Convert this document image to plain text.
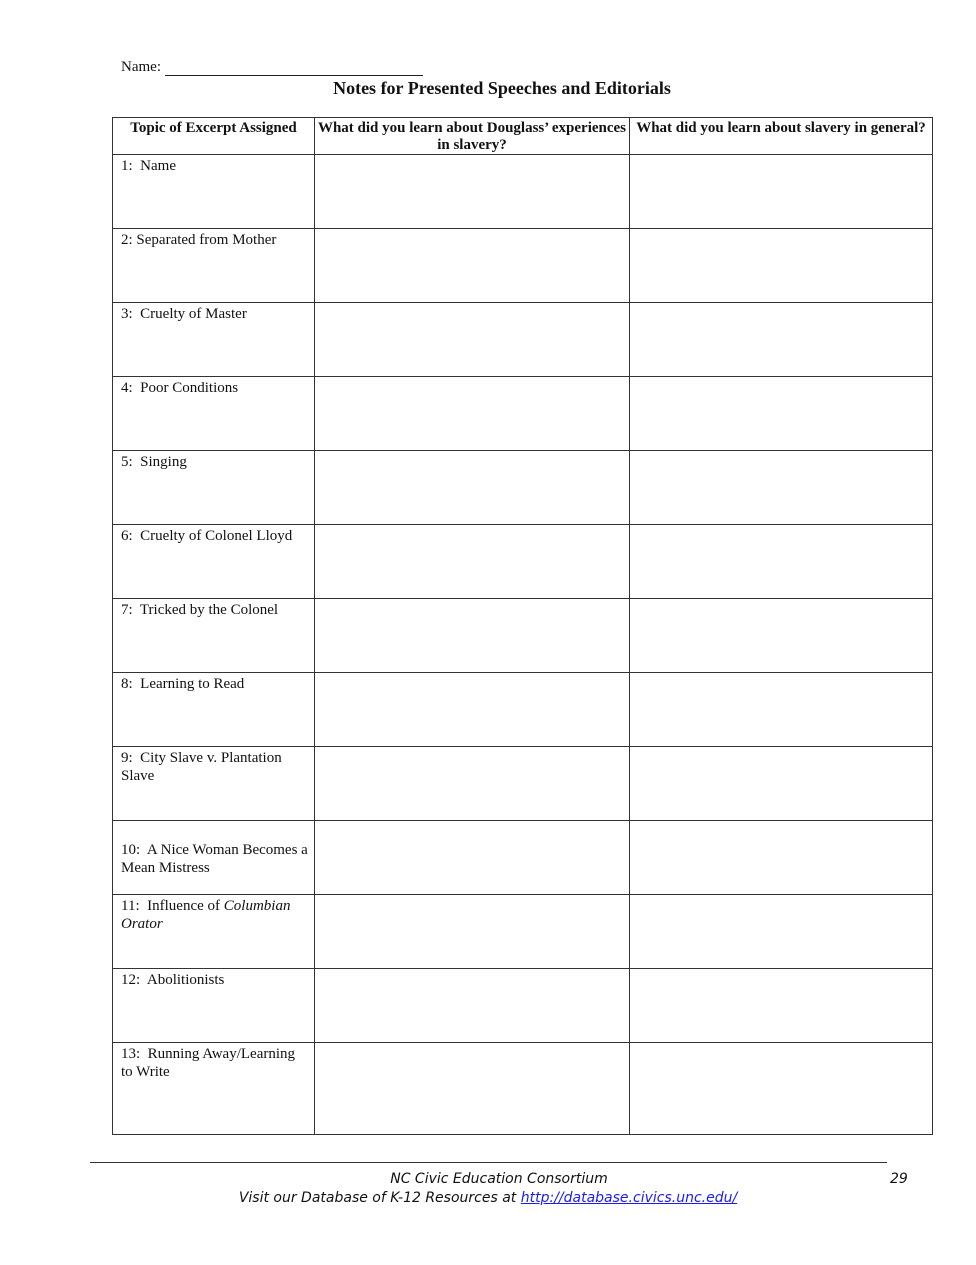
Name:
Notes for Presented Speeches and Editorials
Topic of Excerpt Assigned	What did you learn about Douglass’ experiences in slavery?	What did you learn about slavery in general?
1: Name		
2: Separated from Mother		
3: Cruelty of Master		
4: Poor Conditions		
5: Singing		
6: Cruelty of Colonel Lloyd		
7: Tricked by the Colonel		
8: Learning to Read		
9: City Slave v. Plantation Slave		
10: A Nice Woman Becomes a Mean Mistress		
11: Influence of Columbian Orator		
12: Abolitionists		
13: Running Away/Learning to Write		
NC Civic Education Consortium	29
Visit our Database of K-12 Resources at http://database.civics.unc.edu/
